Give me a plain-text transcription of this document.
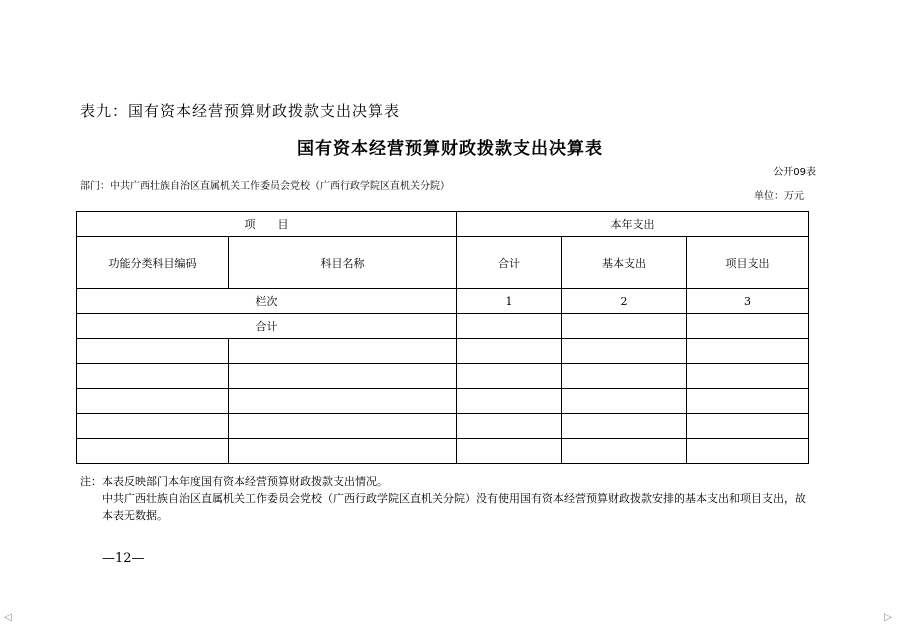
表九：国有资本经营预算财政拨款支出决算表
国有资本经营预算财政拨款支出决算表
公开09表
部门：中共广西壮族自治区直属机关工作委员会党校（广西行政学院区直机关分院）
单位：万元
项　　目		本年支出		
功能分类科目编码	科目名称	合计	基本支出	项目支出
栏次		1	2	3
合计				

注：本表反映部门本年度国有资本经营预算财政拨款支出情况。
中共广西壮族自治区直属机关工作委员会党校（广西行政学院区直机关分院）没有使用国有资本经营预算财政拨款安排的基本支出和项目支出，故本表无数据。
—12—
◁	▷
